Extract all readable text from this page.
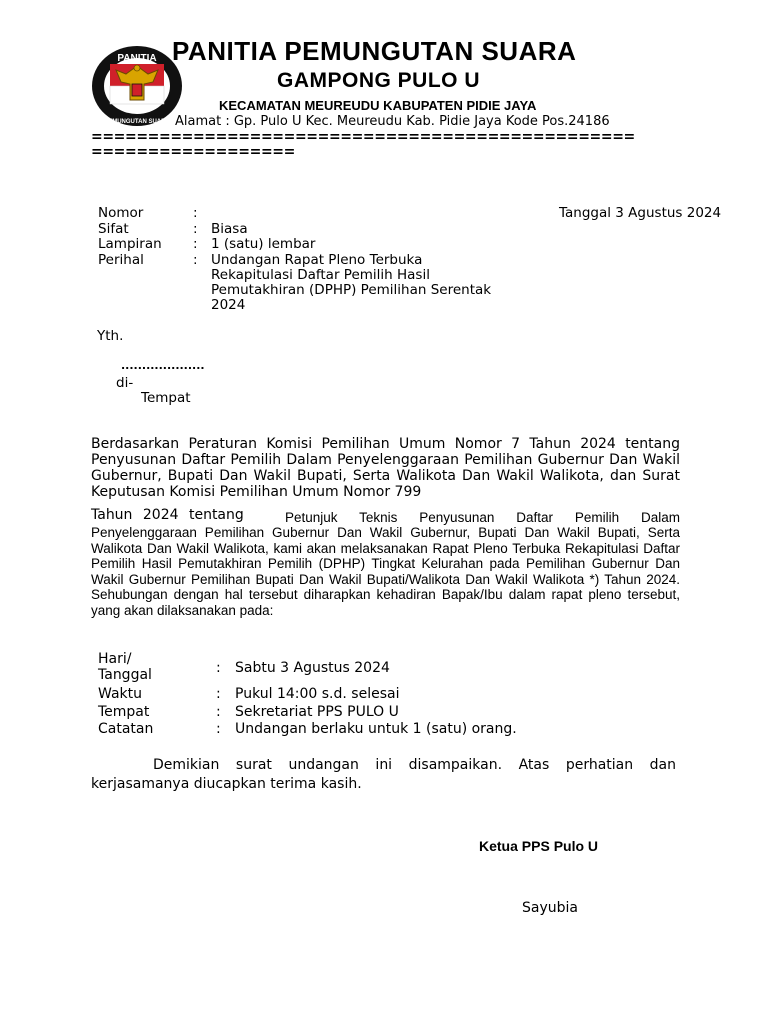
PANITIA
PEMUNGUTAN SUARA
PANITIA PEMUNGUTAN SUARA
GAMPONG PULO U
KECAMATAN MEUREUDU KABUPATEN PIDIE JAYA
Alamat : Gp. Pulo U Kec. Meureudu Kab. Pidie Jaya Kode Pos.24186
================================================
==================
Tanggal 3 Agustus 2024
Nomor	:
Sifat	: Biasa
Lampiran : 1 (satu) lembar
Perihal	: Undangan Rapat Pleno Terbuka
Rekapitulasi Daftar Pemilih Hasil
Pemutakhiran (DPHP) Pemilihan Serentak
2024
Yth.
....................
di-
Tempat
Berdasarkan Peraturan Komisi Pemilihan Umum Nomor 7 Tahun 2024 tentang Penyusunan Daftar Pemilih Dalam Penyelenggaraan Pemilihan Gubernur Dan Wakil Gubernur, Bupati Dan Wakil Bupati, Serta Walikota Dan Wakil Walikota, dan Surat Keputusan Komisi Pemilihan Umum Nomor 799
Tahun 2024 tentang	Petunjuk Teknis Penyusunan Daftar Pemilih Dalam
Penyelenggaraan Pemilihan Gubernur Dan Wakil Gubernur, Bupati Dan Wakil Bupati, Serta Walikota Dan Wakil Walikota, kami akan melaksanakan Rapat Pleno Terbuka Rekapitulasi Daftar Pemilih Hasil Pemutakhiran Pemilih (DPHP) Tingkat Kelurahan pada Pemilihan Gubernur Dan Wakil Gubernur Pemilihan Bupati Dan Wakil Bupati/Walikota Dan Wakil Walikota *) Tahun 2024. Sehubungan dengan hal tersebut diharapkan kehadiran Bapak/Ibu dalam rapat pleno tersebut, yang akan dilaksanakan pada:
Hari/
Tanggal	: Sabtu 3 Agustus 2024
Waktu	: Pukul 14:00 s.d. selesai
Tempat	: Sekretariat PPS PULO U
Catatan	: Undangan berlaku untuk 1 (satu) orang.
Demikian surat undangan ini disampaikan. Atas perhatian dan
kerjasamanya diucapkan terima kasih.
Ketua PPS Pulo U
Sayubia
